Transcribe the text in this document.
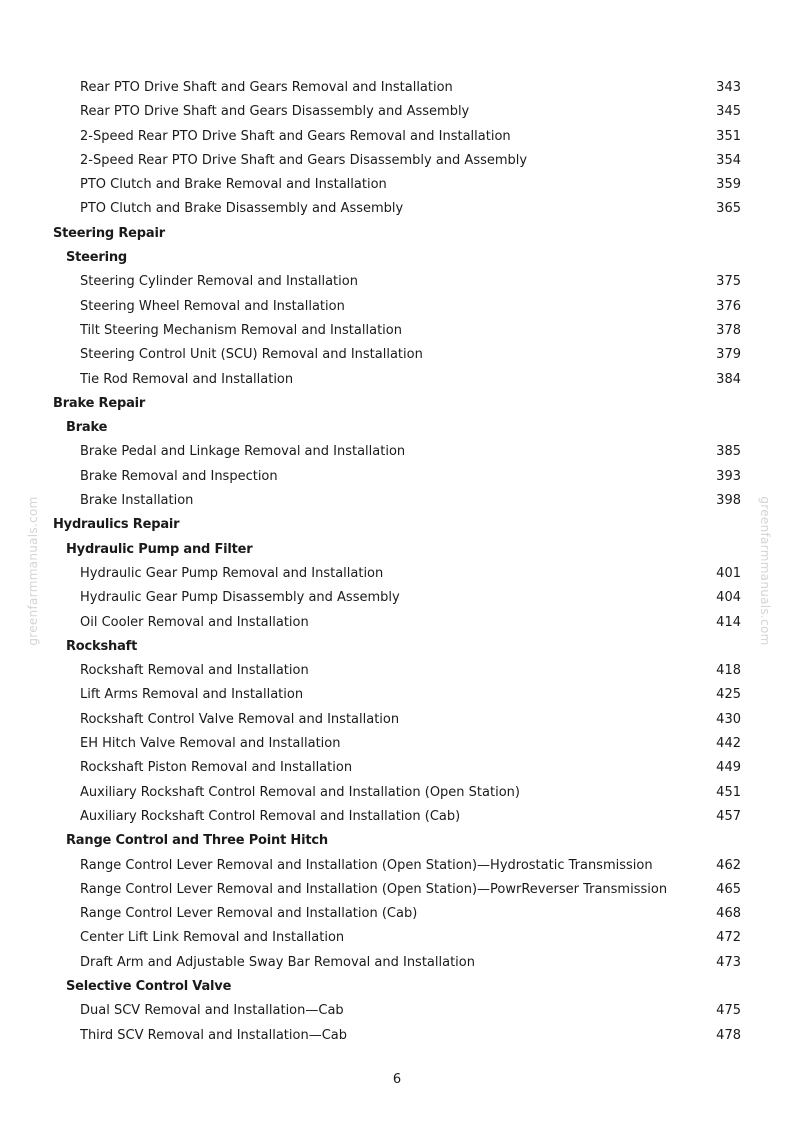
greenfarmmanuals.com	greenfarmmanuals.com
Rear PTO Drive Shaft and Gears Removal and Installation	343
Rear PTO Drive Shaft and Gears Disassembly and Assembly	345
2-Speed Rear PTO Drive Shaft and Gears Removal and Installation	351
2-Speed Rear PTO Drive Shaft and Gears Disassembly and Assembly	354
PTO Clutch and Brake Removal and Installation	359
PTO Clutch and Brake Disassembly and Assembly	365
Steering Repair
Steering
Steering Cylinder Removal and Installation	375
Steering Wheel Removal and Installation	376
Tilt Steering Mechanism Removal and Installation	378
Steering Control Unit (SCU) Removal and Installation	379
Tie Rod Removal and Installation	384
Brake Repair
Brake
Brake Pedal and Linkage Removal and Installation	385
Brake Removal and Inspection	393
Brake Installation	398
Hydraulics Repair
Hydraulic Pump and Filter
Hydraulic Gear Pump Removal and Installation	401
Hydraulic Gear Pump Disassembly and Assembly	404
Oil Cooler Removal and Installation	414
Rockshaft
Rockshaft Removal and Installation	418
Lift Arms Removal and Installation	425
Rockshaft Control Valve Removal and Installation	430
EH Hitch Valve Removal and Installation	442
Rockshaft Piston Removal and Installation	449
Auxiliary Rockshaft Control Removal and Installation (Open Station)	451
Auxiliary Rockshaft Control Removal and Installation (Cab)	457
Range Control and Three Point Hitch
Range Control Lever Removal and Installation (Open Station)—Hydrostatic Transmission	462
Range Control Lever Removal and Installation (Open Station)—PowrReverser Transmission	465
Range Control Lever Removal and Installation (Cab)	468
Center Lift Link Removal and Installation	472
Draft Arm and Adjustable Sway Bar Removal and Installation	473
Selective Control Valve
Dual SCV Removal and Installation—Cab	475
Third SCV Removal and Installation—Cab	478
6
